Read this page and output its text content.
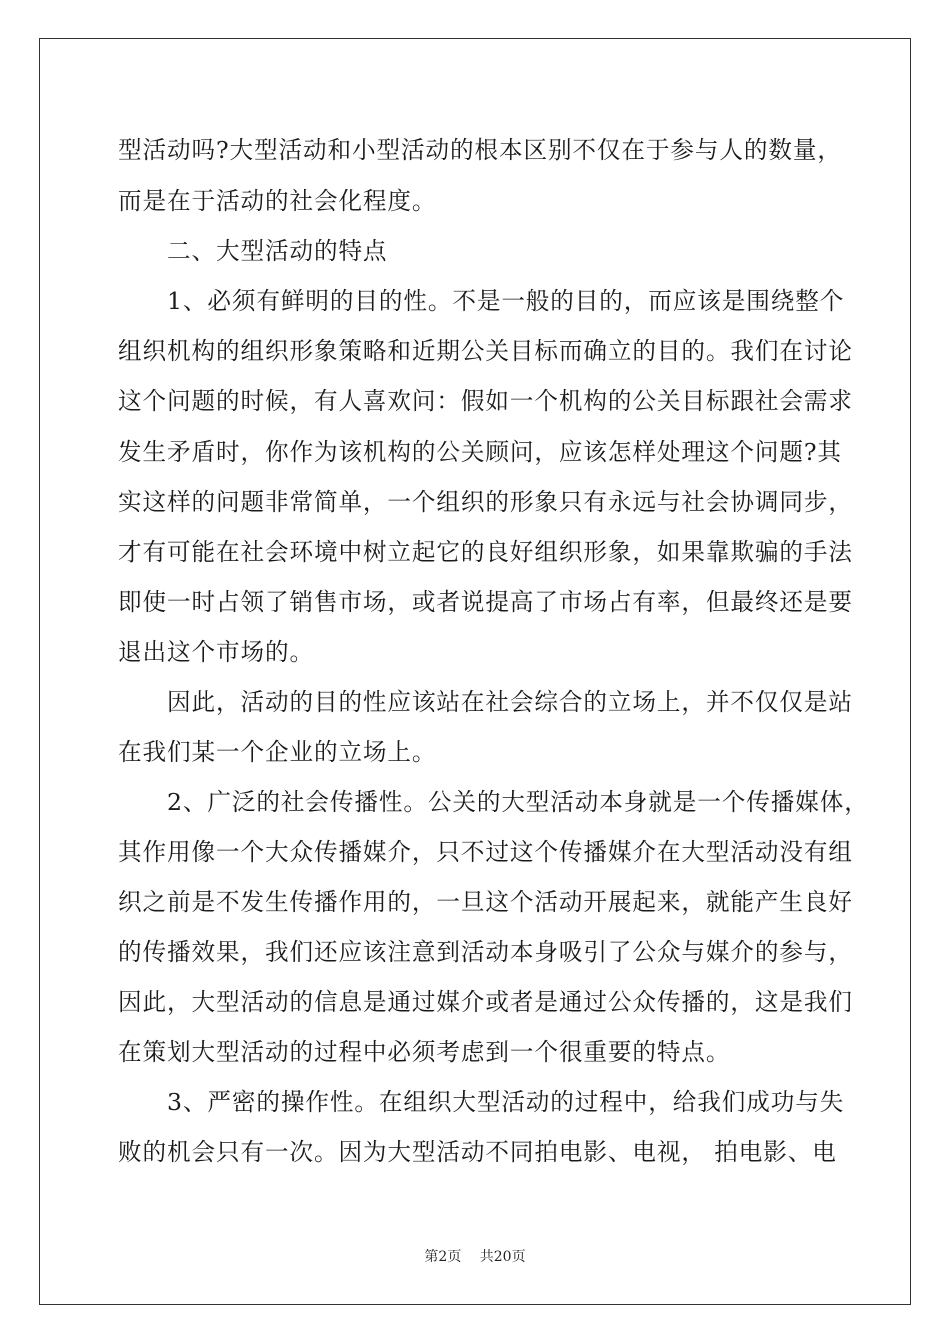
型活动吗?大型活动和小型活动的根本区别不仅在于参与人的数量，
而是在于活动的社会化程度。
　　二、大型活动的特点
　　1、必须有鲜明的目的性。不是一般的目的，而应该是围绕整个
组织机构的组织形象策略和近期公关目标而确立的目的。我们在讨论
这个问题的时候，有人喜欢问：假如一个机构的公关目标跟社会需求
发生矛盾时，你作为该机构的公关顾问，应该怎样处理这个问题?其
实这样的问题非常简单，一个组织的形象只有永远与社会协调同步，
才有可能在社会环境中树立起它的良好组织形象，如果靠欺骗的手法
即使一时占领了销售市场，或者说提高了市场占有率，但最终还是要
退出这个市场的。
　　因此，活动的目的性应该站在社会综合的立场上，并不仅仅是站
在我们某一个企业的立场上。
　　2、广泛的社会传播性。公关的大型活动本身就是一个传播媒体，
其作用像一个大众传播媒介，只不过这个传播媒介在大型活动没有组
织之前是不发生传播作用的，一旦这个活动开展起来，就能产生良好
的传播效果，我们还应该注意到活动本身吸引了公众与媒介的参与，
因此，大型活动的信息是通过媒介或者是通过公众传播的，这是我们
在策划大型活动的过程中必须考虑到一个很重要的特点。
　　3、严密的操作性。在组织大型活动的过程中，给我们成功与失
败的机会只有一次。因为大型活动不同拍电影、电视， 拍电影、电
第2页　 共20页
